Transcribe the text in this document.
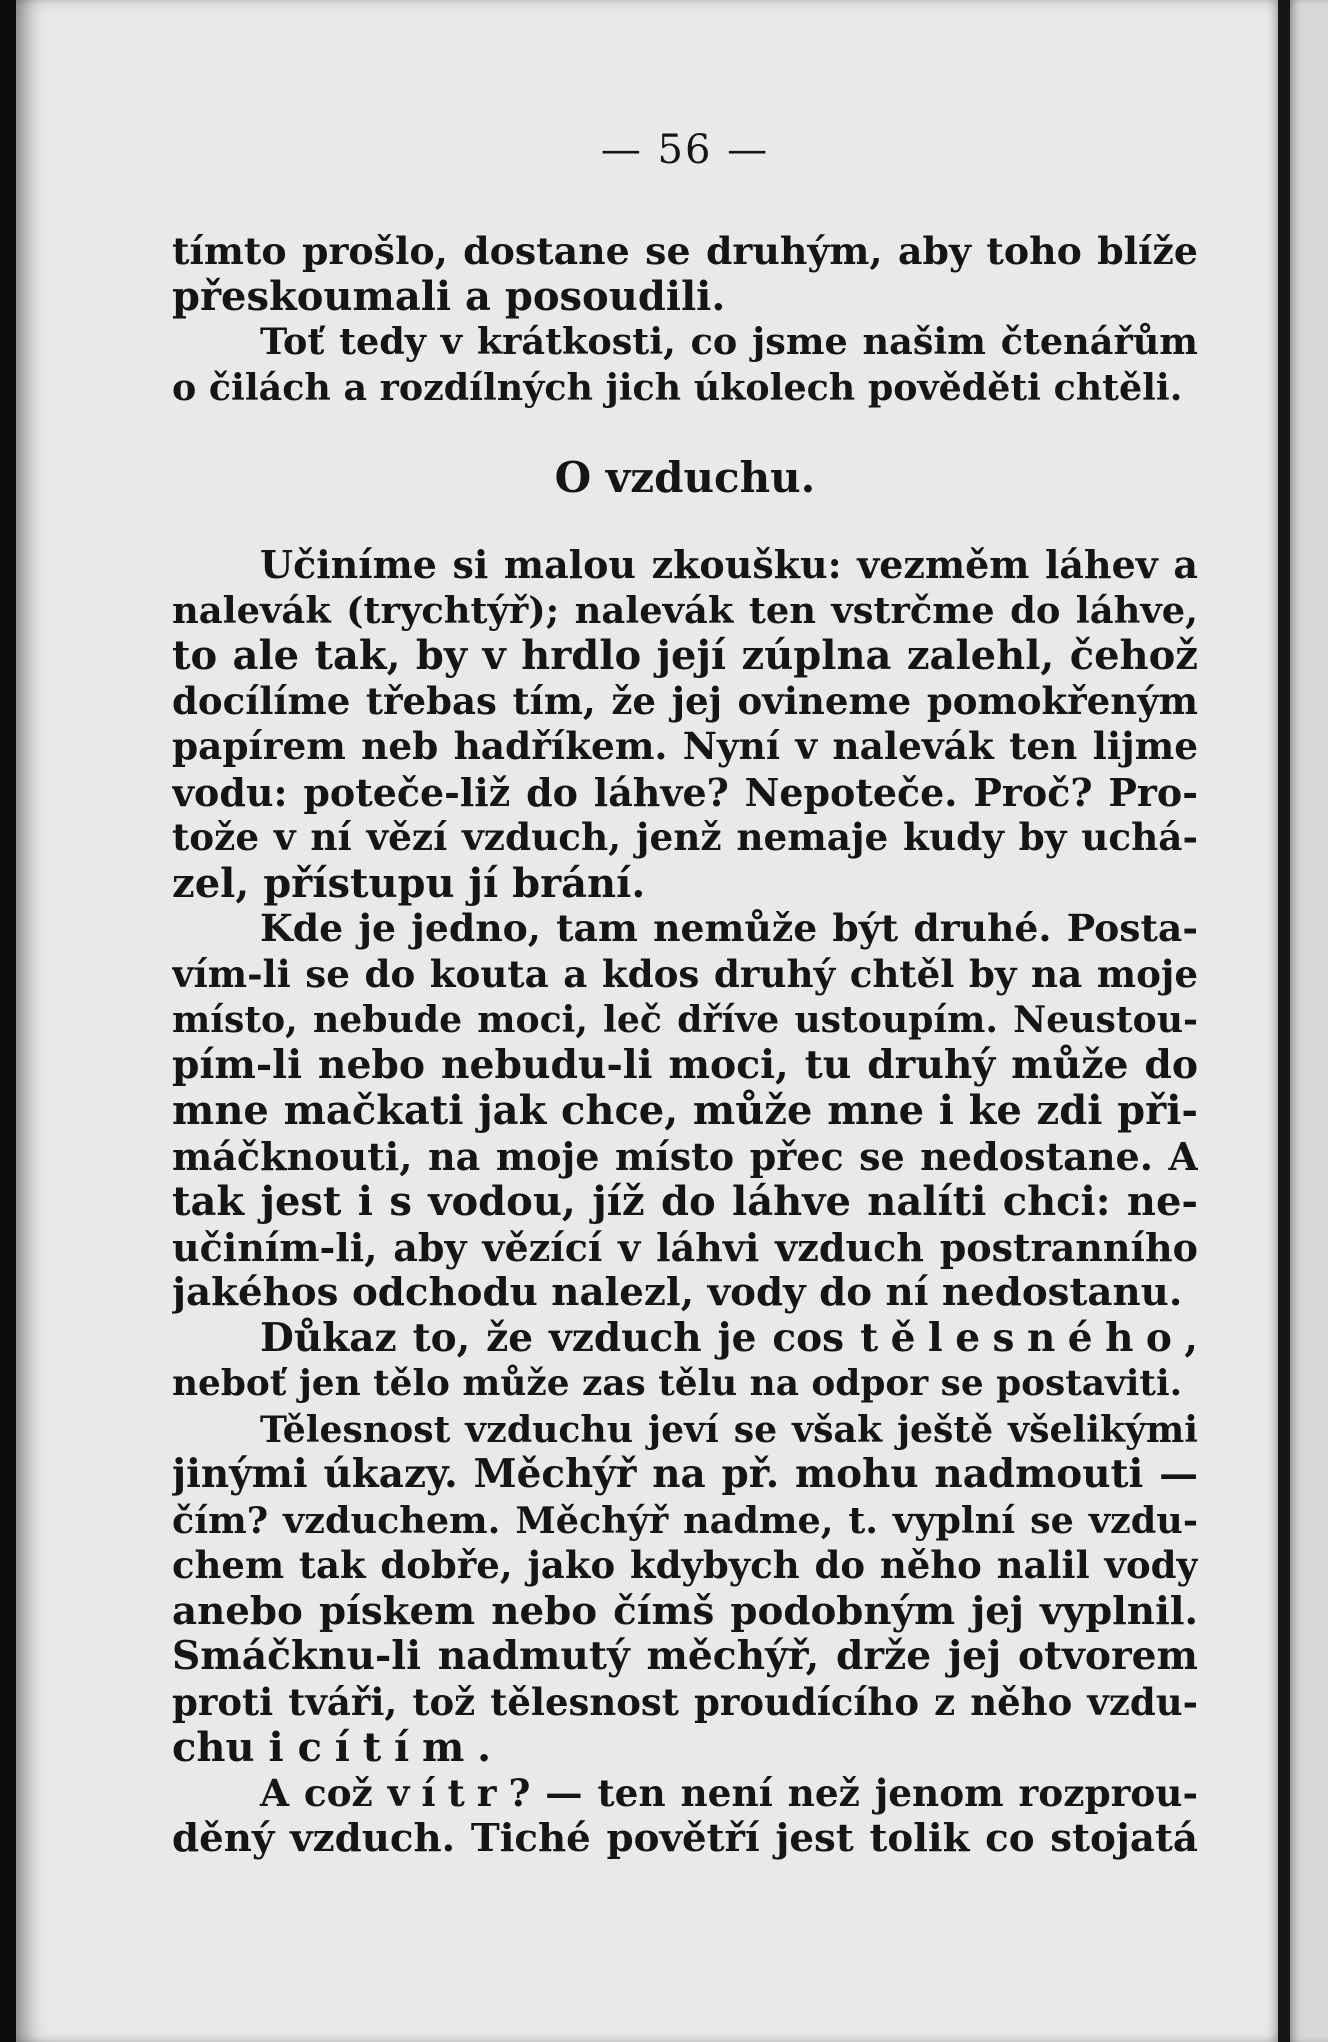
— 56 —

tímto prošlo, dostane se druhým, aby toho blíže
přeskoumali a posoudili.

Toť tedy v krátkosti, co jsme našim čtenářům
o čilách a rozdílných jich úkolech pověděti chtěli.

O vzduchu.

Učiníme si malou zkoušku: vezměm láhev a
nalevák (trychtýř); nalevák ten vstrčme do láhve,
to ale tak, by v hrdlo její zúplna zalehl, čehož
docílíme třebas tím, že jej ovineme pomokřeným
papírem neb hadříkem. Nyní v nalevák ten lijme
vodu: poteče-liž do láhve? Nepoteče. Proč? Pro-
tože v ní vězí vzduch, jenž nemaje kudy by uchá-
zel, přístupu jí brání.

Kde je jedno, tam nemůže být druhé. Posta-
vím-li se do kouta a kdos druhý chtěl by na moje
místo, nebude moci, leč dříve ustoupím. Neustou-
pím-li nebo nebudu-li moci, tu druhý může do
mne mačkati jak chce, může mne i ke zdi při-
máčknouti, na moje místo přec se nedostane. A
tak jest i s vodou, jíž do láhve nalíti chci: ne-
učiním-li, aby vězící v láhvi vzduch postranního
jakéhos odchodu nalezl, vody do ní nedostanu.

Důkaz to, že vzduch je cos tělesného,
neboť jen tělo může zas tělu na odpor se postaviti.

Tělesnost vzduchu jeví se však ještě všelikými
jinými úkazy. Měchýř na př. mohu nadmouti —
čím? vzduchem. Měchýř nadme, t. vyplní se vzdu-
chem tak dobře, jako kdybych do něho nalil vody
anebo pískem nebo čímš podobným jej vyplnil.
Smáčknu-li nadmutý měchýř, drže jej otvorem
proti tváři, tož tělesnost proudícího z něho vzdu-
chu i cítím.

A což vítr? — ten není než jenom rozprou-
děný vzduch. Tiché povětří jest tolik co stojatá
